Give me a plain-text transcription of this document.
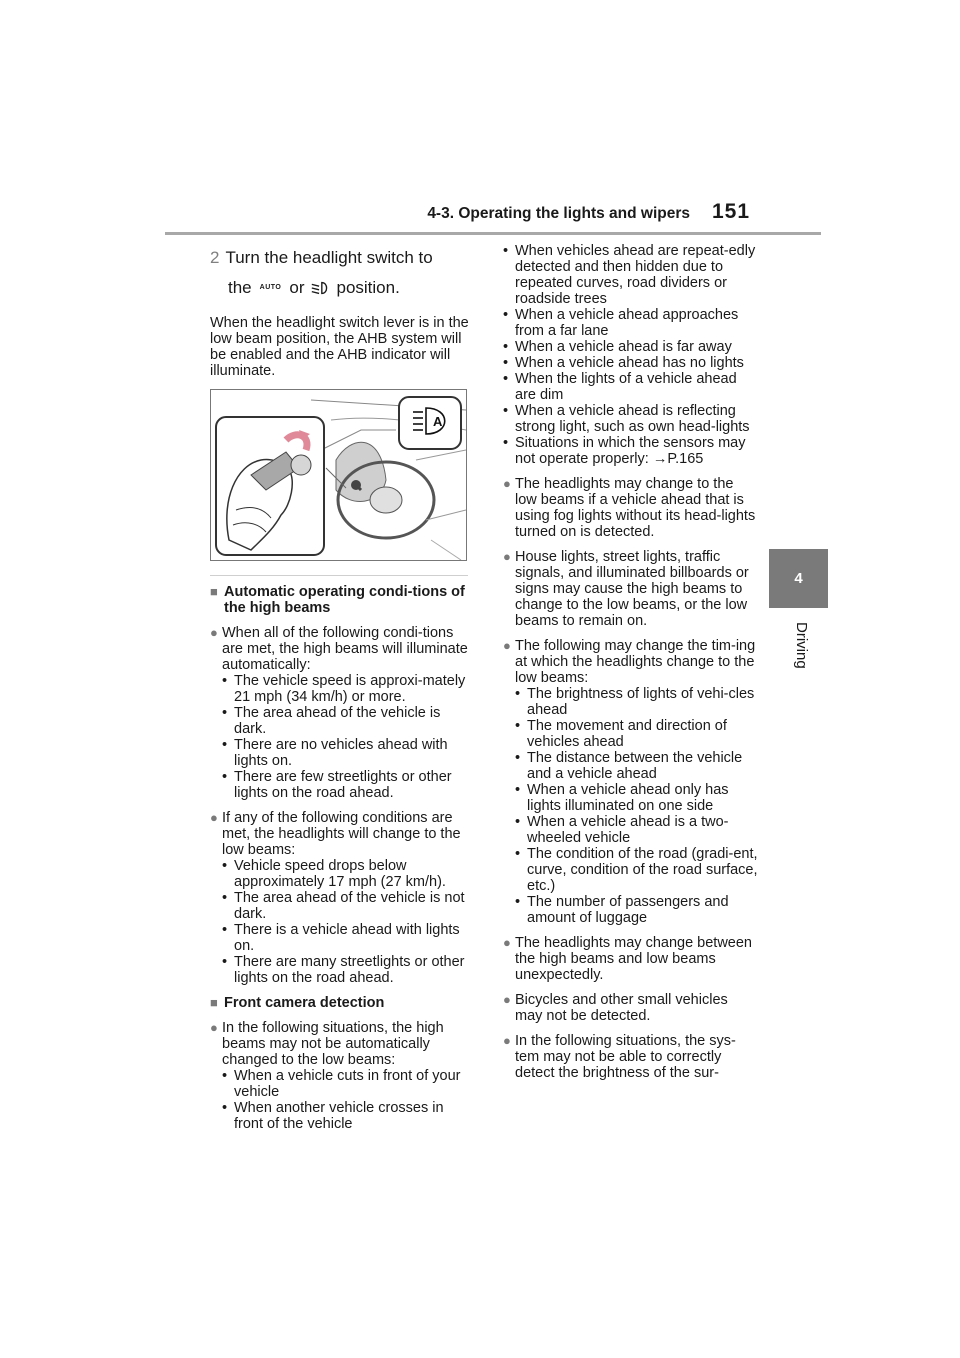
4-3. Operating the lights and wipers 151
4
Driving
2 Turn the headlight switch to
the AUTO or position.

When the headlight switch lever is in the low beam position, the AHB system will be enabled and the AHB indicator will illuminate.

A
■ Automatic operating condi-tions of the high beams
● When all of the following condi-tions are met, the high beams will illuminate automatically:
• The vehicle speed is approxi-mately 21 mph (34 km/h) or more.
• The area ahead of the vehicle is dark.
• There are no vehicles ahead with lights on.
• There are few streetlights or other lights on the road ahead.
● If any of the following conditions are met, the headlights will change to the low beams:
• Vehicle speed drops below approximately 17 mph (27 km/h).
• The area ahead of the vehicle is not dark.
• There is a vehicle ahead with lights on.
• There are many streetlights or other lights on the road ahead.
■ Front camera detection
● In the following situations, the high beams may not be automatically changed to the low beams:
• When a vehicle cuts in front of your vehicle
• When another vehicle crosses in front of the vehicle
• When vehicles ahead are repeat-edly detected and then hidden due to repeated curves, road dividers or roadside trees
• When a vehicle ahead approaches from a far lane
• When a vehicle ahead is far away
• When a vehicle ahead has no lights
• When the lights of a vehicle ahead are dim
• When a vehicle ahead is reflecting strong light, such as own head-lights
• Situations in which the sensors may not operate properly: →P.165
● The headlights may change to the low beams if a vehicle ahead that is using fog lights without its head-lights turned on is detected.
● House lights, street lights, traffic signals, and illuminated billboards or signs may cause the high beams to change to the low beams, or the low beams to remain on.
● The following may change the tim-ing at which the headlights change to the low beams:
• The brightness of lights of vehi-cles ahead
• The movement and direction of vehicles ahead
• The distance between the vehicle and a vehicle ahead
• When a vehicle ahead only has lights illuminated on one side
• When a vehicle ahead is a two-wheeled vehicle
• The condition of the road (gradi-ent, curve, condition of the road surface, etc.)
• The number of passengers and amount of luggage
● The headlights may change between the high beams and low beams unexpectedly.
● Bicycles and other small vehicles may not be detected.
● In the following situations, the sys-tem may not be able to correctly detect the brightness of the sur-
